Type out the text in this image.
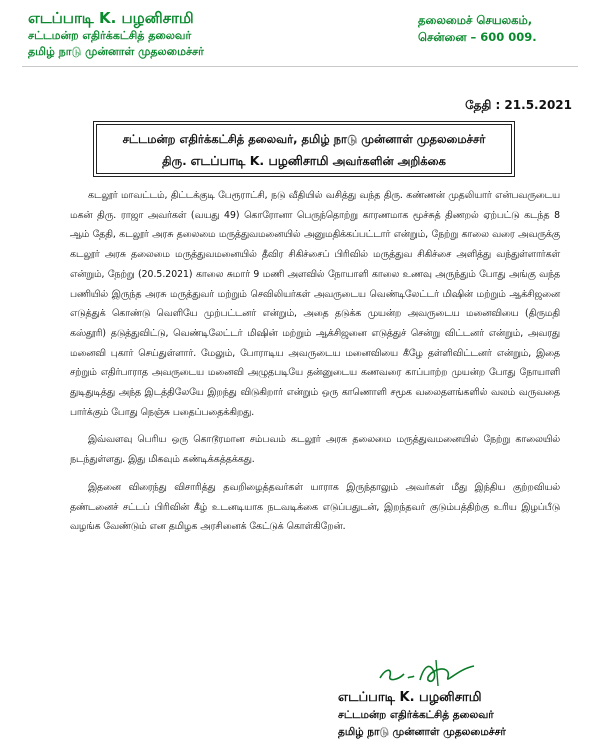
எடப்பாடி K. பழனிசாமி
சட்டமன்ற எதிர்க்கட்சித் தலைவர்
தமிழ் நாடு முன்னாள் முதலமைச்சர்
தலைமைச் செயலகம்,
சென்னை – 600 009.
தேதி : 21.5.2021
சட்டமன்ற எதிர்க்கட்சித் தலைவர், தமிழ் நாடு முன்னாள் முதலமைச்சர்
திரு. எடப்பாடி K. பழனிசாமி அவர்களின் அறிக்கை

கடலூர் மாவட்டம், திட்டக்குடி பேரூராட்சி, நடு வீதியில் வசித்து வந்த திரு. கண்ணன் முதலியார் என்பவருடைய மகன் திரு. ராஜா அவர்கள் (வயது 49) கொரோனா பெருந்தொற்று காரணமாக மூச்சுத் திணறல் ஏற்பட்டு கடந்த 8 ஆம் தேதி, கடலூர் அரசு தலைமை மருத்துவமனையில் அனுமதிக்கப்பட்டார் என்றும், நேற்று காலை வரை அவருக்கு கடலூர் அரசு தலைமை மருத்துவமனையில் தீவிர சிகிச்சைப் பிரிவில் மருத்துவ சிகிச்சை அளித்து வந்துள்ளார்கள் என்றும், நேற்று (20.5.2021) காலை சுமார் 9 மணி அளவில் நோயாளி காலை உணவு அருந்தும் போது அங்கு வந்த பணியில் இருந்த அரசு மருத்துவர் மற்றும் செவிலியர்கள் அவருடைய வெண்டிலேட்டர் மிஷின் மற்றும் ஆக்சிஜனை எடுத்துக் கொண்டு வெளியே முற்பட்டனர் என்றும், அதை தடுக்க முயன்ற அவருடைய மனைவியை (திருமதி கஸ்தூரி) தடுத்துவிட்டு, வெண்டிலேட்டர் மிஷின் மற்றும் ஆக்சிஜனை எடுத்துச் சென்று விட்டனர் என்றும், அவரது மனைவி புகார் செய்துள்ளார். மேலும், போராடிய அவருடைய மனைவியை கீழே தள்ளிவிட்டனர் என்றும், இதை சற்றும் எதிர்பாராத அவருடைய மனைவி அழுதபடியே தன்னுடைய கணவரை காப்பாற்ற முயன்ற போது நோயாளி துடிதுடித்து அந்த இடத்திலேயே இறந்து விடுகிறார் என்றும் ஒரு காணொளி சமூக வலைதளங்களில் வலம் வருவதை பார்க்கும் போது நெஞ்சு பதைப்பதைக்கிறது.

இவ்வளவு பெரிய ஒரு கொடூரமான சம்பவம் கடலூர் அரசு தலைமை மருத்துவமனையில் நேற்று காலையில் நடந்துள்ளது. இது மிகவும் கண்டிக்கத்தக்கது.

இதனை விரைந்து விசாரித்து தவறிழைத்தவர்கள் யாராக இருந்தாலும் அவர்கள் மீது இந்திய குற்றவியல் தண்டனைச் சட்டப் பிரிவின் கீழ் உடனடியாக நடவடிக்கை எடுப்பதுடன், இறந்தவர் குடும்பத்திற்கு உரிய இழப்பீடு வழங்க வேண்டும் என தமிழக அரசினைக் கேட்டுக் கொள்கிறேன்.

எடப்பாடி K. பழனிசாமி
சட்டமன்ற எதிர்க்கட்சித் தலைவர்
தமிழ் நாடு முன்னாள் முதலமைச்சர்
